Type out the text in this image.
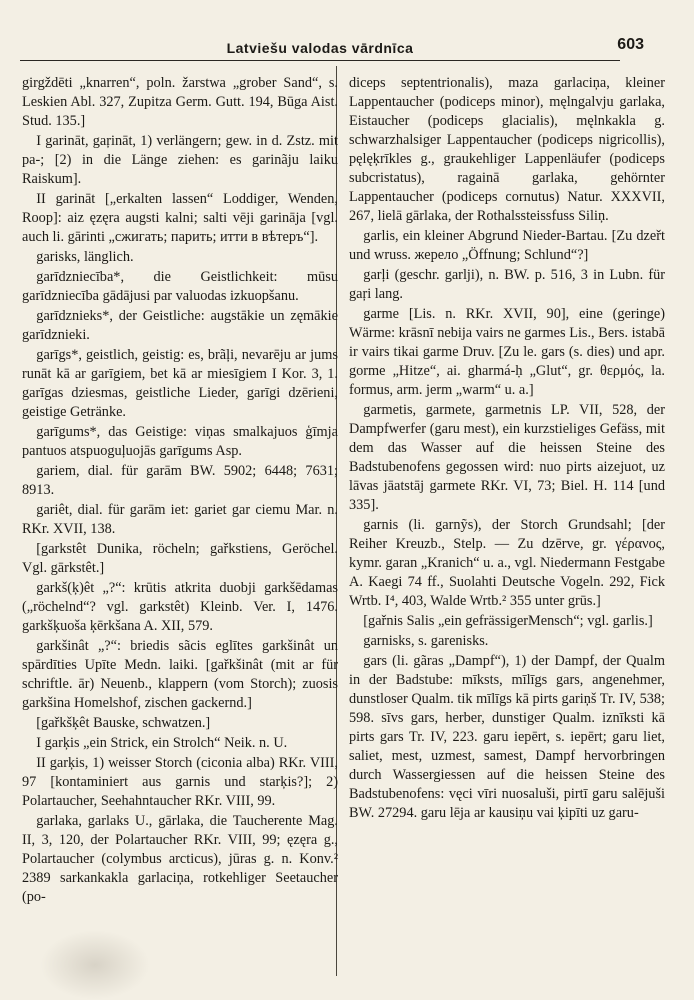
Latviešu valodas vārdnīca	603

girgždēti „knarren“, poln. žarstwa „grober Sand“, s. Leskien Abl. 327, Zupitza Germ. Gutt. 194, Būga Aist. Stud. 135.]

I garināt, gaŗināt, 1) verlängern; gew. in d. Zstz. mit pa-; [2) in die Länge ziehen: es garinãju laiku Raiskum].

II garināt [„erkalten lassen“ Loddiger, Wenden, Roop]: aiz ęzęra augsti kalni; salti vēji garināja [vgl. auch li. gārinti „сжигать; парить; итти в вѣтеръ“].

garisks, länglich.

garīdzniecība*, die Geistlichkeit: mūsu garīdzniecība gādājusi par valuodas izkuopšanu.

garīdznieks*, der Geistliche: augstākie un zęmākie garīdznieki.

garīgs*, geistlich, geistig: es, brãļi, nevarēju ar jums runāt kā ar garīgiem, bet kā ar miesīgiem I Kor. 3, 1. garīgas dziesmas, geistliche Lieder, garīgi dzērieni, geistige Getränke.

garīgums*, das Geistige: viņas smalkajuos ģīmja pantuos atspuoguļuojās garīgums Asp.

gariem, dial. für garām BW. 5902; 6448; 7631; 8913.

gariêt, dial. für garām iet: gariet gar ciemu Mar. n. RKr. XVII, 138.

[garkstêt Dunika, röcheln; gařkstiens, Geröchel. Vgl. gārkstêt.]

garkš(ķ)êt „?“: krūtis atkrita duobji garkšēdamas („röchelnd“? vgl. garkstêt) Kleinb. Ver. I, 1476. garkšķuoša ķērkšana A. XII, 579.

garkšinât „?“: briedis sãcis eglītes garkšinât un spārdīties Upīte Medn. laiki. [gařkšinât (mit ar für schriftle. ār) Neuenb., klappern (vom Storch); zuosis garkšina Homelshof, zischen gackernd.]

[gařkšķêt Bauske, schwatzen.]

I garķis „ein Strick, ein Strolch“ Neik. n. U.

II garķis, 1) weisser Storch (ciconia alba) RKr. VIII, 97 [kontaminiert aus garnis und starķis?]; 2) Polartaucher, Seehahntaucher RKr. VIII, 99.

garlaka, garlaks U., gārlaka, die Taucherente Mag. II, 3, 120, der Polartaucher RKr. VIII, 99; ęzęra g., Polartaucher (colymbus arcticus), jūras g. n. Konv.² 2389 sarkankakla garlaciņa, rotkehliger Seetaucher (po-

diceps septentrionalis), maza garlaciņa, kleiner Lappentaucher (podiceps minor), męlngalvju garlaka, Eistaucher (podiceps glacialis), męlnkakla g. schwarzhalsiger Lappentaucher (podiceps nigricollis), pęlęķrīkles g., graukehliger Lappenläufer (podiceps subcristatus), ragainā garlaka, gehörnter Lappentaucher (podiceps cornutus) Natur. XXXVII, 267, lielā gārlaka, der Rothalssteissfuss Siliņ.

garlis, ein kleiner Abgrund Nieder-Bartau. [Zu dzeřt und wruss. жерело „Öffnung; Schlund“?]

garļi (geschr. garlji), n. BW. p. 516, 3 in Lubn. für gaŗi lang.

garme [Lis. n. RKr. XVII, 90], eine (geringe) Wärme: krāsnī nebija vairs ne garmes Lis., Bers. istabā ir vairs tikai garme Druv. [Zu le. gars (s. dies) und apr. gorme „Hitze“, ai. gharmá-ḥ „Glut“, gr. θερμός, la. formus, arm. jerm „warm“ u. a.]

garmetis, garmete, garmetnis LP. VII, 528, der Dampfwerfer (garu mest), ein kurzstieliges Gefäss, mit dem das Wasser auf die heissen Steine des Badstubenofens gegossen wird: nuo pirts aizejuot, uz lāvas jāatstāj garmete RKr. VI, 73; Biel. H. 114 [und 335].

garnis (li. garnỹs), der Storch Grundsahl; [der Reiher Kreuzb., Stelp. — Zu dzērve, gr. γέρανος, kymr. garan „Kranich“ u. a., vgl. Niedermann Festgabe A. Kaegi 74 ff., Suolahti Deutsche Vogeln. 292, Fick Wrtb. I⁴, 403, Walde Wrtb.² 355 unter grūs.]

[gařnis Salis „ein gefrässigerMensch“; vgl. garlis.]

garnisks, s. garenisks.

gars (li. gãras „Dampf“), 1) der Dampf, der Qualm in der Badstube: mīksts, mīlīgs gars, angenehmer, dunstloser Qualm. tik mīlīgs kā pirts gariņš Tr. IV, 538; 598. sīvs gars, herber, dunstiger Qualm. iznīksti kā pirts gars Tr. IV, 223. garu iepērt, s. iepērt; garu liet, saliet, mest, uzmest, samest, Dampf hervorbringen durch Wassergiessen auf die heissen Steine des Badstubenofens: vęci vīri nuosaluši, pirtī garu salējuši BW. 27294. garu lēja ar kausiņu vai ķipīti uz garu-
